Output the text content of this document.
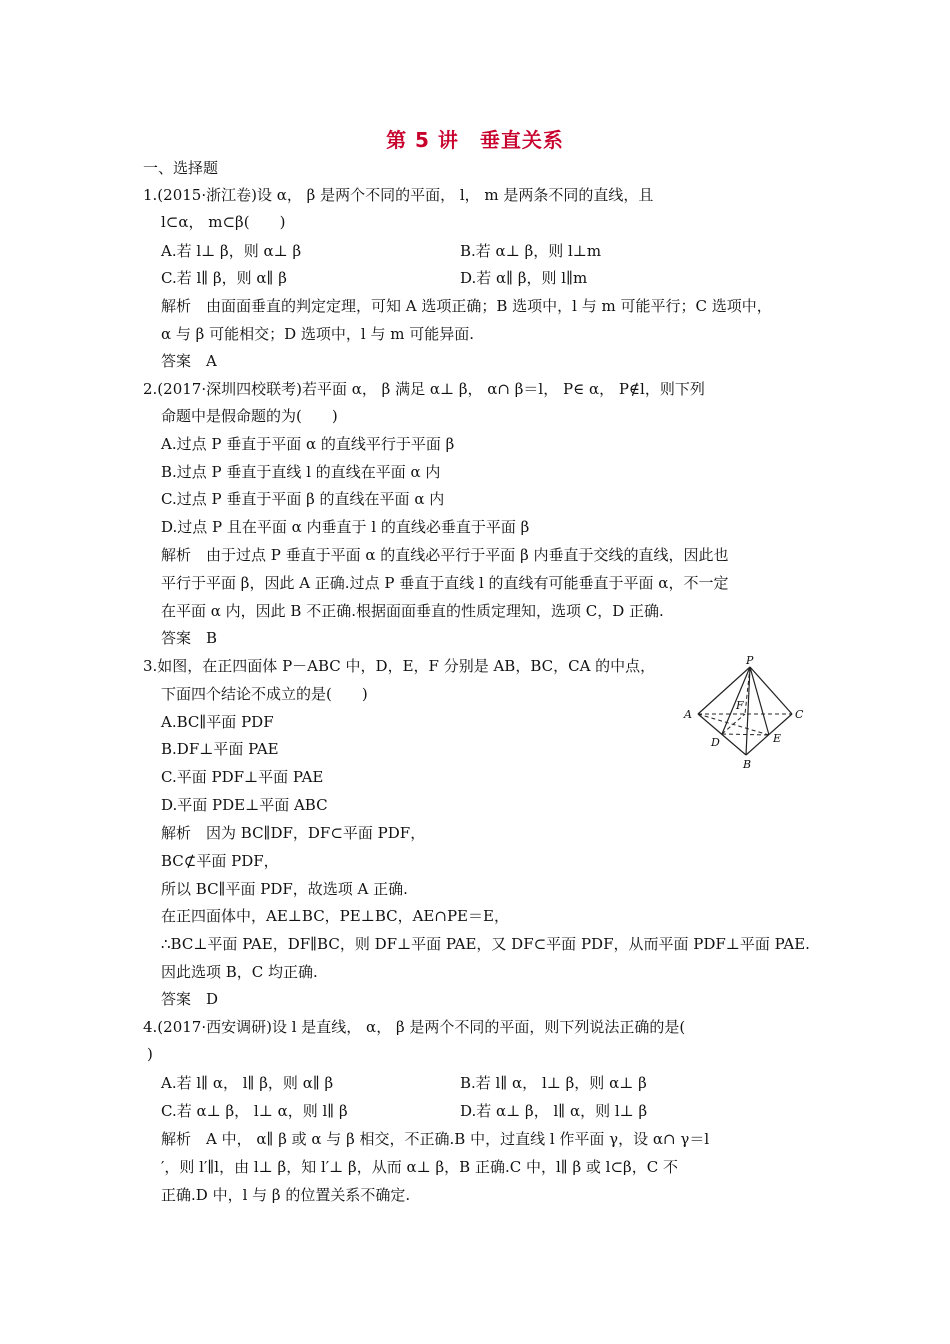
第 5 讲　垂直关系
一、选择题
1.(2015·浙江卷)设 α， β 是两个不同的平面， l， m 是两条不同的直线，且
l⊂α， m⊂β(　　)
A.若 l⊥ β，则 α⊥ β	B.若 α⊥ β，则 l⊥m
C.若 l∥ β，则 α∥ β	D.若 α∥ β，则 l∥m
解析　由面面垂直的判定定理，可知 A 选项正确；B 选项中，l 与 m 可能平行；C 选项中，
α 与 β 可能相交；D 选项中，l 与 m 可能异面.
答案　A
2.(2017·深圳四校联考)若平面 α， β 满足 α⊥ β， α∩ β＝l， P∈ α， P∉l，则下列
命题中是假命题的为(　　)
A.过点 P 垂直于平面 α 的直线平行于平面 β
B.过点 P 垂直于直线 l 的直线在平面 α 内
C.过点 P 垂直于平面 β 的直线在平面 α 内
D.过点 P 且在平面 α 内垂直于 l 的直线必垂直于平面 β
解析　由于过点 P 垂直于平面 α 的直线必平行于平面 β 内垂直于交线的直线，因此也
平行于平面 β，因此 A 正确.过点 P 垂直于直线 l 的直线有可能垂直于平面 α，不一定
在平面 α 内，因此 B 不正确.根据面面垂直的性质定理知，选项 C，D 正确.
答案　B
3.如图，在正四面体 P－ABC 中，D，E，F 分别是 AB，BC，CA 的中点，
下面四个结论不成立的是(　　)
A.BC∥平面 PDF
B.DF⊥平面 PAE
C.平面 PDF⊥平面 PAE
D.平面 PDE⊥平面 ABC
解析　因为 BC∥DF，DF⊂平面 PDF，
BC⊄平面 PDF，
所以 BC∥平面 PDF，故选项 A 正确.
在正四面体中，AE⊥BC，PE⊥BC，AE∩PE＝E，
∴BC⊥平面 PAE，DF∥BC，则 DF⊥平面 PAE，又 DF⊂平面 PDF，从而平面 PDF⊥平面 PAE.
因此选项 B，C 均正确.
答案　D
4.(2017·西安调研)设 l 是直线， α， β 是两个不同的平面，则下列说法正确的是(
)
A.若 l∥ α， l∥ β，则 α∥ β	B.若 l∥ α， l⊥ β，则 α⊥ β
C.若 α⊥ β， l⊥ α，则 l∥ β	D.若 α⊥ β， l∥ α，则 l⊥ β
解析　A 中， α∥ β 或 α 与 β 相交，不正确.B 中，过直线 l 作平面 γ，设 α∩ γ＝l
′，则 l′∥l，由 l⊥ β，知 l′⊥ β，从而 α⊥ β，B 正确.C 中，l∥ β 或 l⊂β，C 不
正确.D 中，l 与 β 的位置关系不确定.
P
A
B
C
D	E
F
